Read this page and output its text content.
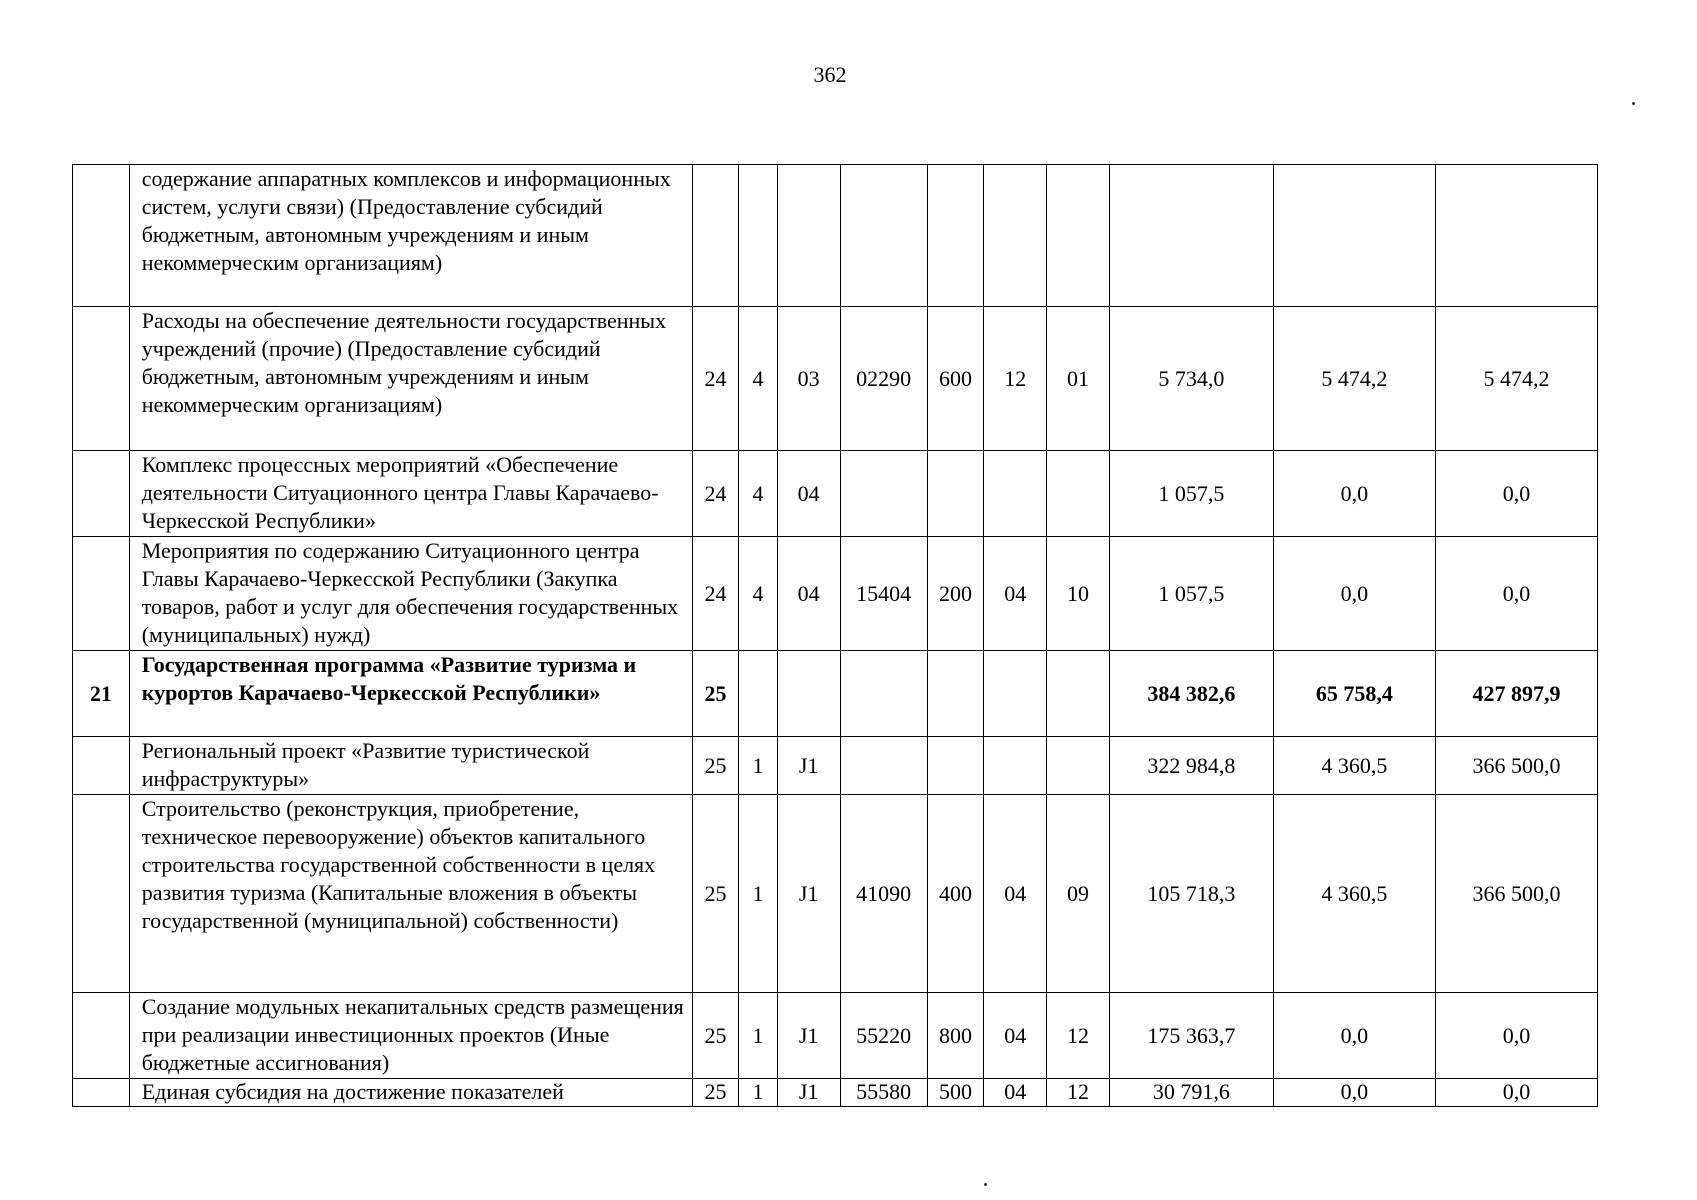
362
	содержание аппаратных комплексов и информационных систем, услуги связи) (Предоставление субсидий бюджетным, автономным учреждениям и иным некоммерческим организациям)										
	Расходы на обеспечение деятельности государственных учреждений (прочие) (Предоставление субсидий бюджетным, автономным учреждениям и иным некоммерческим организациям)	24	4	03	02290	600	12	01	5 734,0	5 474,2	5 474,2
	Комплекс процессных мероприятий «Обеспечение деятельности Ситуационного центра Главы Карачаево-Черкесской Республики»	24	4	04					1 057,5	0,0	0,0
	Мероприятия по содержанию Ситуационного центра Главы Карачаево-Черкесской Республики (Закупка товаров, работ и услуг для обеспечения государственных (муниципальных) нужд)	24	4	04	15404	200	04	10	1 057,5	0,0	0,0
21	Государственная программа «Развитие туризма и курортов Карачаево-Черкесской Республики»	25							384 382,6	65 758,4	427 897,9
	Региональный проект «Развитие туристической инфраструктуры»	25	1	J1					322 984,8	4 360,5	366 500,0
	Строительство (реконструкция, приобретение, техническое перевооружение) объектов капитального строительства государственной собственности в целях развития туризма (Капитальные вложения в объекты государственной (муниципальной) собственности)	25	1	J1	41090	400	04	09	105 718,3	4 360,5	366 500,0
	Создание модульных некапитальных средств размещения при реализации инвестиционных проектов (Иные бюджетные ассигнования)	25	1	J1	55220	800	04	12	175 363,7	0,0	0,0
	Единая субсидия на достижение показателей	25	1	J1	55580	500	04	12	30 791,6	0,0	0,0
